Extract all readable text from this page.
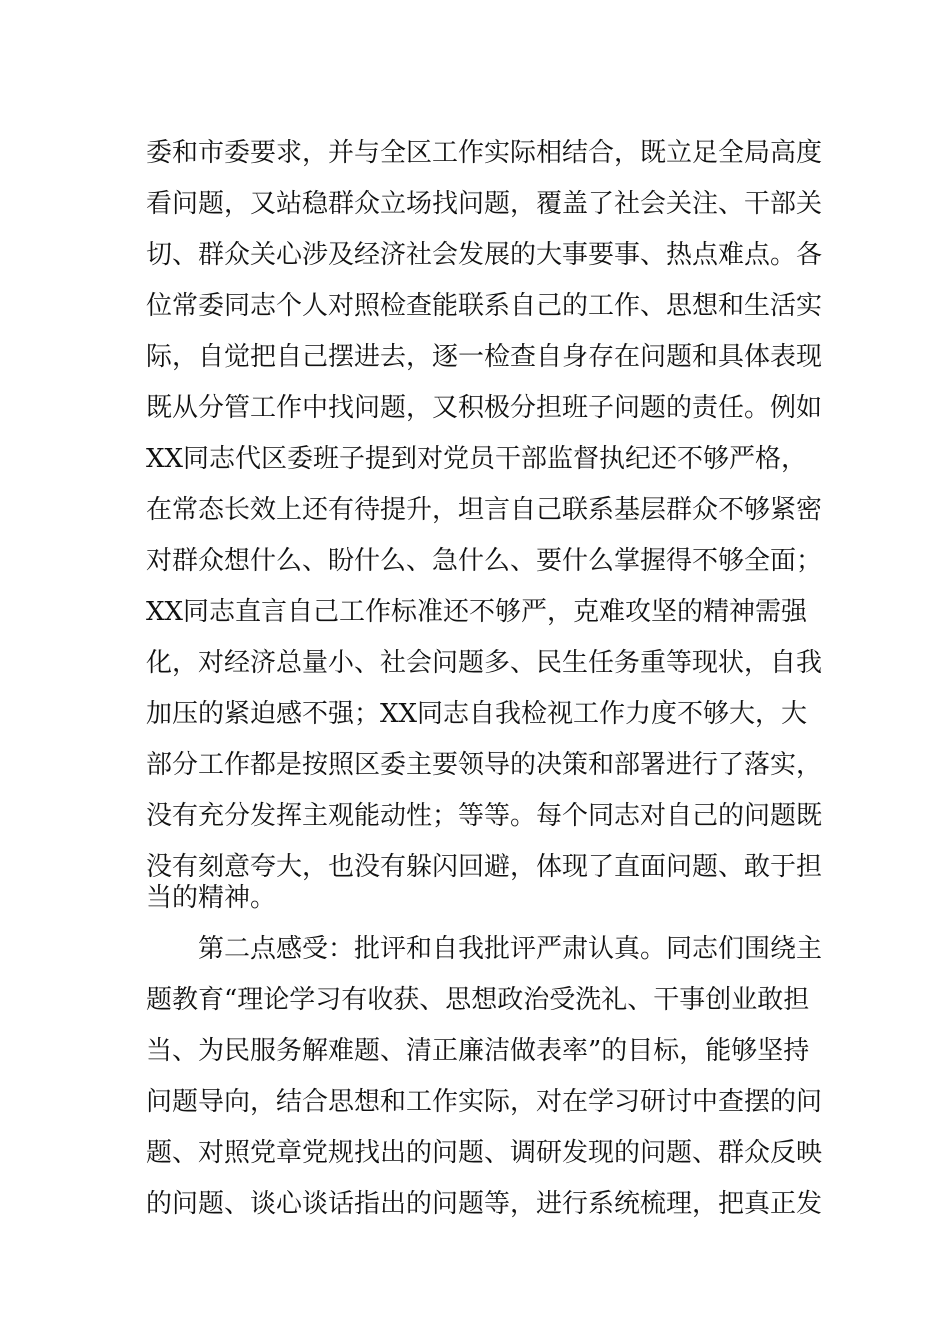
委和市委要求，并与全区工作实际相结合，既立足全局高度
看问题，又站稳群众立场找问题，覆盖了社会关注、干部关
切、群众关心涉及经济社会发展的大事要事、热点难点。各
位常委同志个人对照检查能联系自己的工作、思想和生活实
际，自觉把自己摆进去，逐一检查自身存在问题和具体表现
既从分管工作中找问题，又积极分担班子问题的责任。例如
XX同志代区委班子提到对党员干部监督执纪还不够严格，
在常态长效上还有待提升，坦言自己联系基层群众不够紧密
对群众想什么、盼什么、急什么、要什么掌握得不够全面；
XX同志直言自己工作标准还不够严，克难攻坚的精神需强
化，对经济总量小、社会问题多、民生任务重等现状，自我
加压的紧迫感不强；XX同志自我检视工作力度不够大，大
部分工作都是按照区委主要领导的决策和部署进行了落实，
没有充分发挥主观能动性；等等。每个同志对自己的问题既
没有刻意夸大，也没有躲闪回避，体现了直面问题、敢于担
当的精神。
第二点感受：批评和自我批评严肃认真。同志们围绕主
题教育“理论学习有收获、思想政治受洗礼、干事创业敢担
当、为民服务解难题、清正廉洁做表率”的目标，能够坚持
问题导向，结合思想和工作实际，对在学习研讨中查摆的问
题、对照党章党规找出的问题、调研发现的问题、群众反映
的问题、谈心谈话指出的问题等，进行系统梳理，把真正发
